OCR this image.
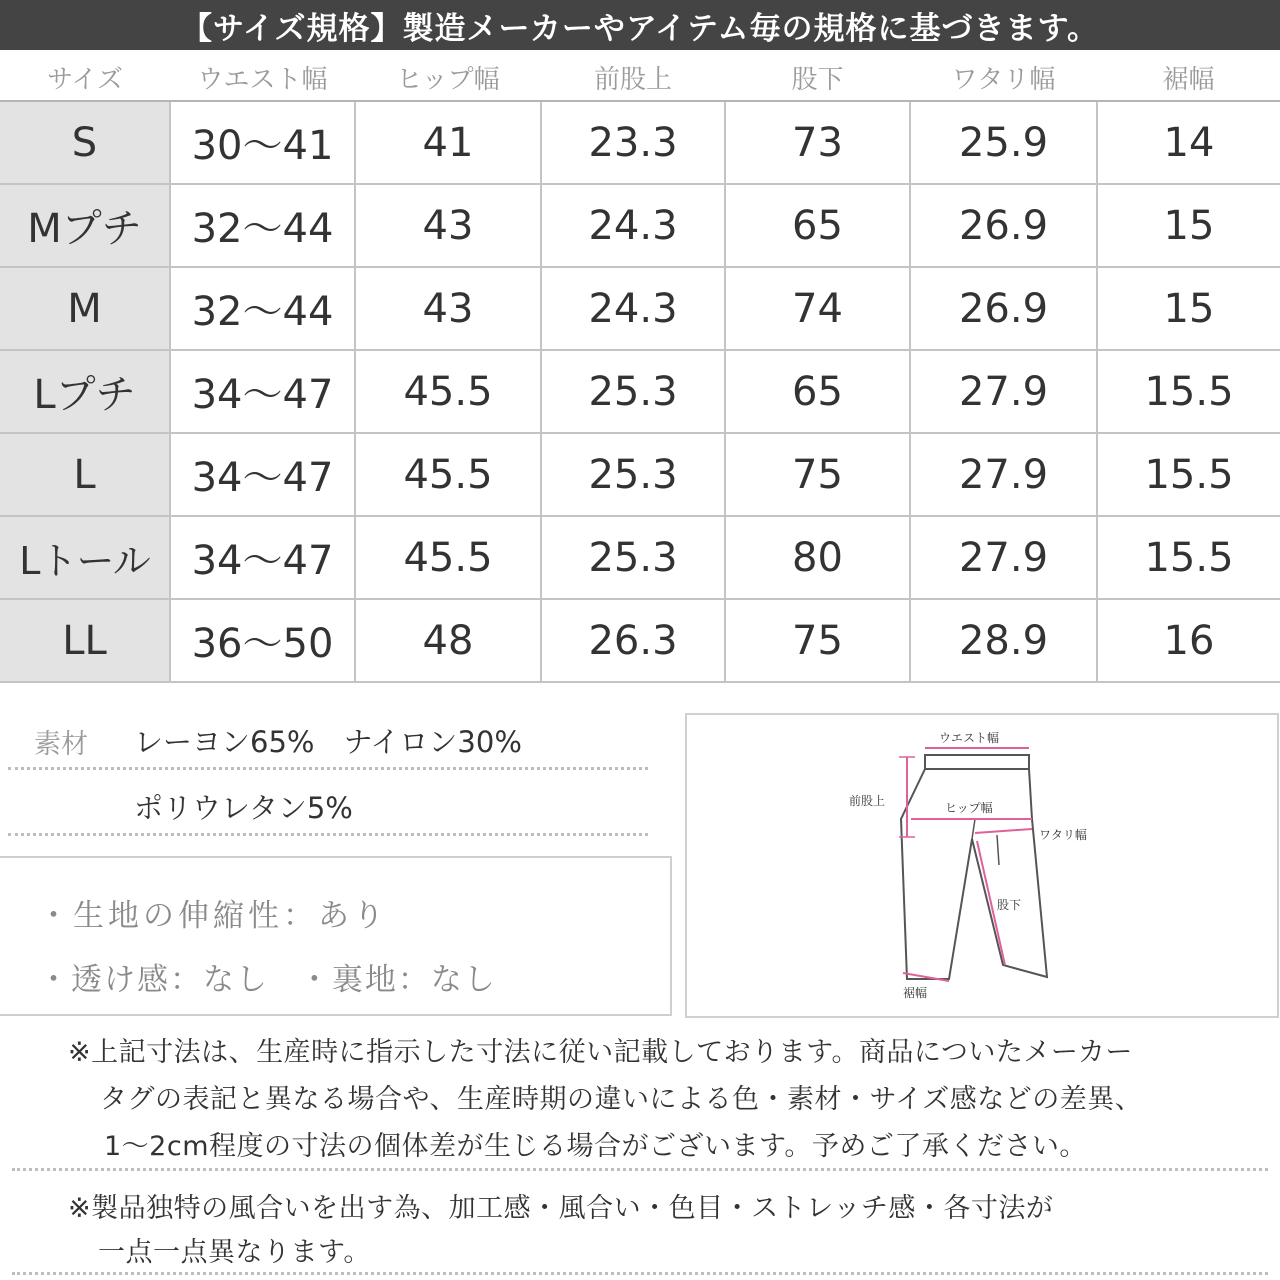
【サイズ規格】製造メーカーやアイテム毎の規格に基づきます。
サイズ	ウエスト幅	ヒップ幅	前股上	股下	ワタリ幅	裾幅
S	30〜41	41	23.3	73	25.9	14
Mプチ	32〜44	43	24.3	65	26.9	15
M	32〜44	43	24.3	74	26.9	15
Lプチ	34〜47	45.5	25.3	65	27.9	15.5
L	34〜47	45.5	25.3	75	27.9	15.5
Lトール	34〜47	45.5	25.3	80	27.9	15.5
LL	36〜50	48	26.3	75	28.9	16
素材 レーヨン65%　ナイロン30%
ポリウレタン5%
・生地の伸縮性：あり
・透け感：なし ・裏地：なし
ウエスト幅
前股上	ヒップ幅
ワタリ幅
股下
裾幅
※上記寸法は、生産時に指示した寸法に従い記載しております。商品についたメーカー
タグの表記と異なる場合や、生産時期の違いによる色・素材・サイズ感などの差異、
1〜2cm程度の寸法の個体差が生じる場合がございます。予めご了承ください。
※製品独特の風合いを出す為、加工感・風合い・色目・ストレッチ感・各寸法が
一点一点異なります。
